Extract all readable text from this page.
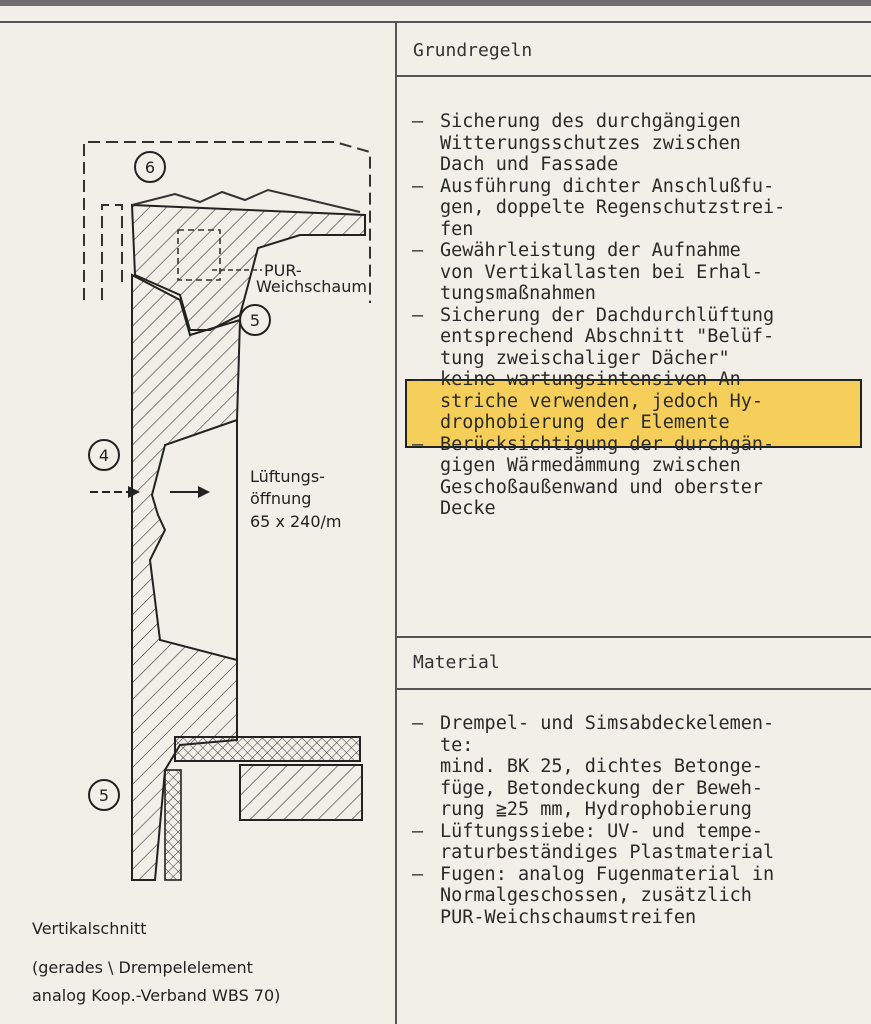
Grundregeln
– Sicherung des durchgängigen
Witterungsschutzes zwischen
Dach und Fassade
– Ausführung dichter Anschlußfu-
gen, doppelte Regenschutzstrei-
fen
– Gewährleistung der Aufnahme
von Vertikallasten bei Erhal-
tungsmaßnahmen
– Sicherung der Dachdurchlüftung
entsprechend Abschnitt "Belüf-
tung zweischaliger Dächer"
– keine wartungsintensiven An-
striche verwenden, jedoch Hy-
drophobierung der Elemente
– Berücksichtigung der durchgän-
gigen Wärmedämmung zwischen
Geschoßaußenwand und oberster
Decke
Material
– Drempel- und Simsabdeckelemen-
te:
mind. BK 25, dichtes Betonge-
füge, Betondeckung der Beweh-
rung ≧25 mm, Hydrophobierung
– Lüftungssiebe: UV- und tempe-
raturbeständiges Plastmaterial
– Fugen: analog Fugenmaterial in
Normalgeschossen, zusätzlich
PUR-Weichschaumstreifen
6
5
4
5
PUR-
Weichschaum
Lüftungs-
öffnung
65 x 240/m
Vertikalschnitt
(gerades \ Drempelelement
analog Koop.-Verband WBS 70)
